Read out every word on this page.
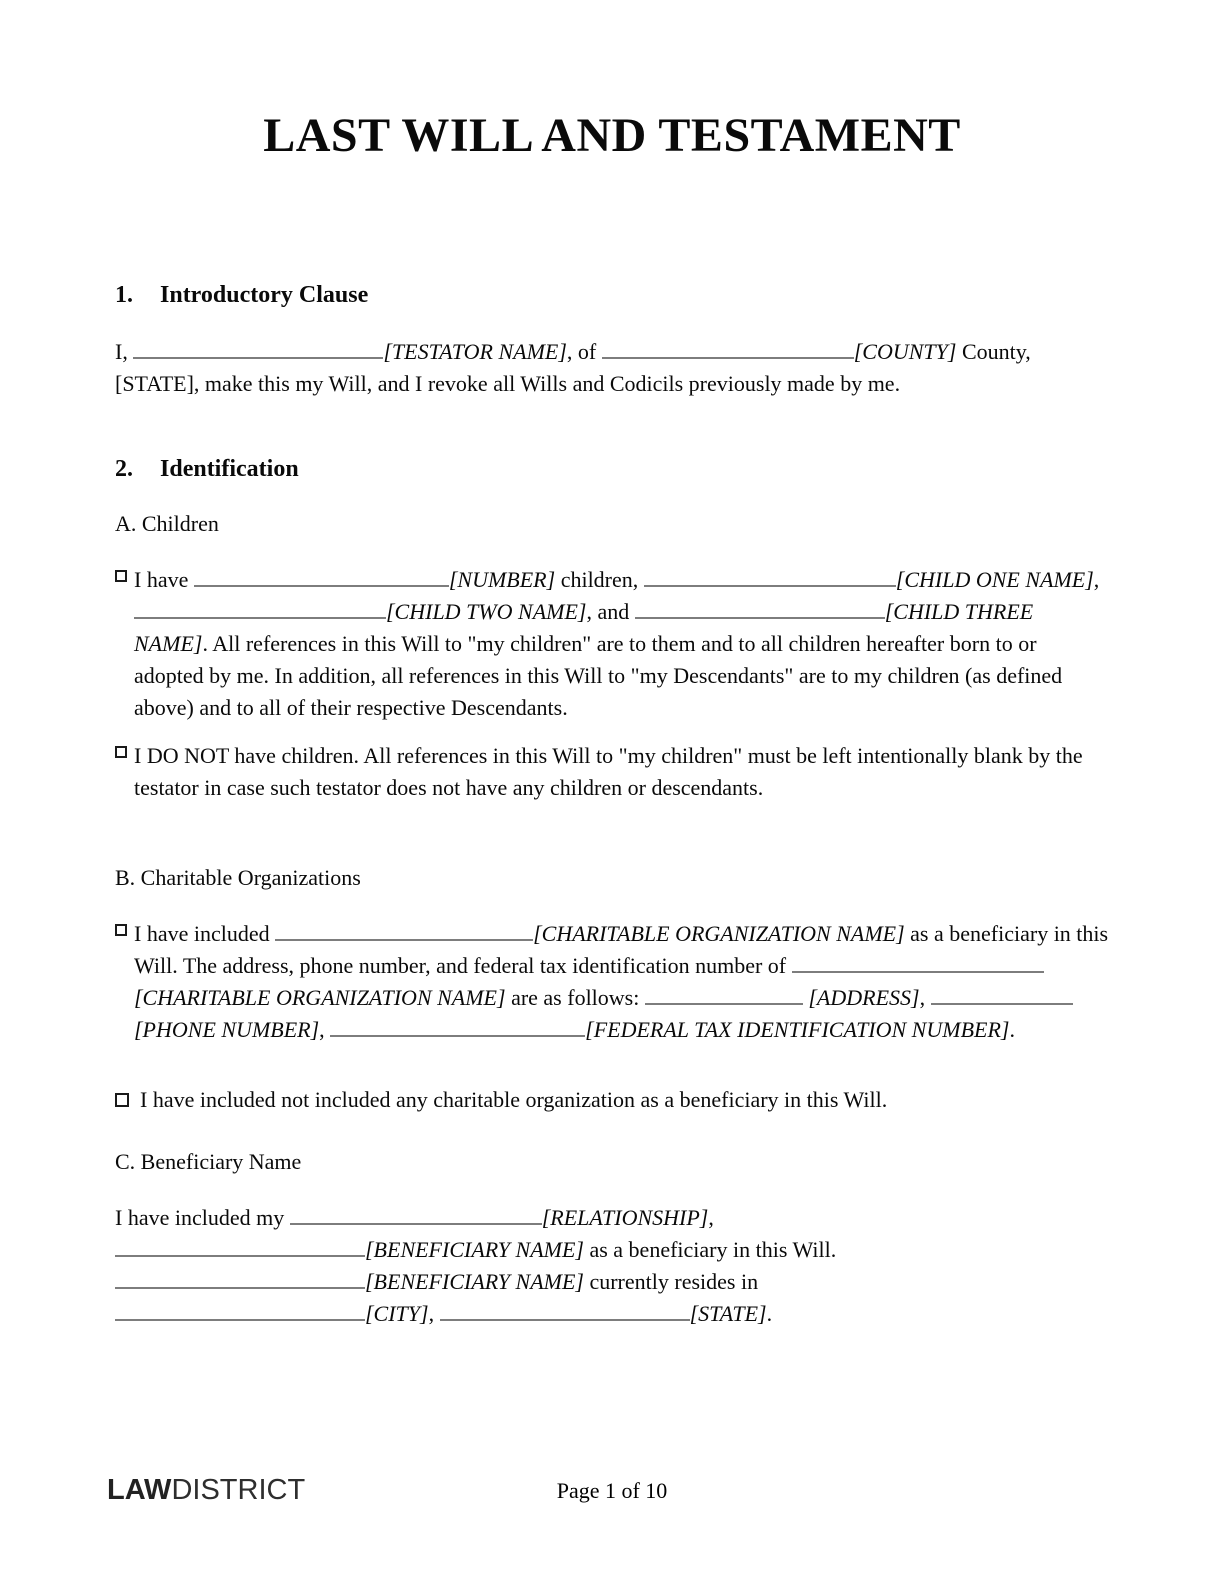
LAST WILL AND TESTAMENT
1. Introductory Clause
I,	[TESTATOR NAME], of	[COUNTY] County, [STATE], make this my Will, and I revoke all Wills and Codicils previously made by me.
2. Identification
A. Children
I have	[NUMBER] children,	[CHILD ONE NAME], [CHILD TWO NAME], and	[CHILD THREE NAME]. All references in this Will to "my children" are to them and to all children hereafter born to or adopted by me. In addition, all references in this Will to "my Descendants" are to my children (as defined above) and to all of their respective Descendants.
I DO NOT have children. All references in this Will to "my children" must be left intentionally blank by the testator in case such testator does not have any children or descendants.
B. Charitable Organizations
I have included	[CHARITABLE ORGANIZATION NAME] as a beneficiary in this Will. The address, phone number, and federal tax identification number of [CHARITABLE ORGANIZATION NAME] are as follows:	[ADDRESS], [PHONE NUMBER],	[FEDERAL TAX IDENTIFICATION NUMBER].
I have included not included any charitable organization as a beneficiary in this Will.
C. Beneficiary Name
I have included my	[RELATIONSHIP],
[BENEFICIARY NAME] as a beneficiary in this Will.
[BENEFICIARY NAME] currently resides in
[CITY],	[STATE].
LAWDISTRICT	Page 1 of 10
